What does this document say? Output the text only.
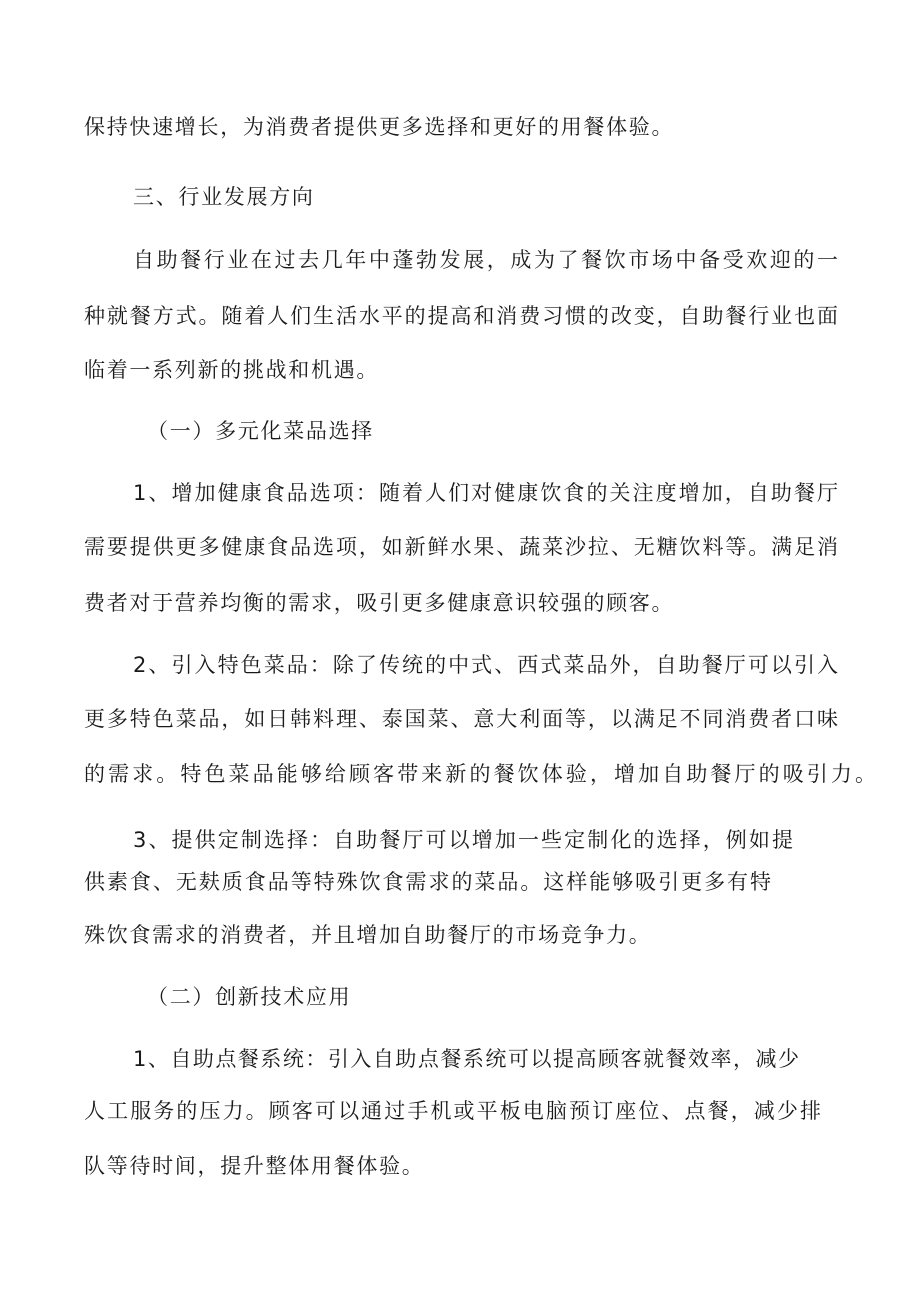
保持快速增长，为消费者提供更多选择和更好的用餐体验。
三、行业发展方向
自助餐行业在过去几年中蓬勃发展，成为了餐饮市场中备受欢迎的一
种就餐方式。随着人们生活水平的提高和消费习惯的改变，自助餐行业也面
临着一系列新的挑战和机遇。
（一）多元化菜品选择
1、增加健康食品选项：随着人们对健康饮食的关注度增加，自助餐厅
需要提供更多健康食品选项，如新鲜水果、蔬菜沙拉、无糖饮料等。满足消
费者对于营养均衡的需求，吸引更多健康意识较强的顾客。
2、引入特色菜品：除了传统的中式、西式菜品外，自助餐厅可以引入
更多特色菜品，如日韩料理、泰国菜、意大利面等，以满足不同消费者口味
的需求。特色菜品能够给顾客带来新的餐饮体验，增加自助餐厅的吸引力。
3、提供定制选择：自助餐厅可以增加一些定制化的选择，例如提
供素食、无麸质食品等特殊饮食需求的菜品。这样能够吸引更多有特
殊饮食需求的消费者，并且增加自助餐厅的市场竞争力。
（二）创新技术应用
1、自助点餐系统：引入自助点餐系统可以提高顾客就餐效率，减少
人工服务的压力。顾客可以通过手机或平板电脑预订座位、点餐，减少排
队等待时间，提升整体用餐体验。
